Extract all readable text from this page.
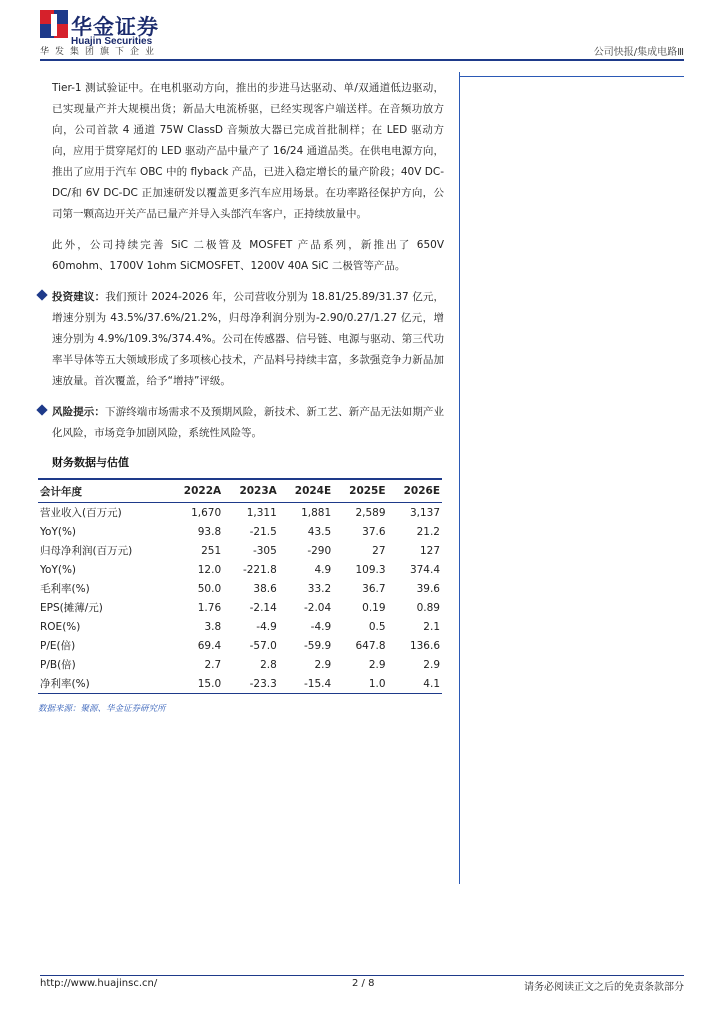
华金证券
Huajin Securities
华发集团旗下企业	公司快报/集成电路Ⅲ

Tier-1 测试验证中。在电机驱动方向，推出的步进马达驱动、单/双通道低边驱动，已实现量产并大规模出货；新品大电流桥驱，已经实现客户端送样。在音频功放方向，公司首款 4 通道 75W ClassD 音频放大器已完成首批制样；在 LED 驱动方向，应用于贯穿尾灯的 LED 驱动产品中量产了 16/24 通道品类。在供电电源方向，推出了应用于汽车 OBC 中的 flyback 产品，已进入稳定增长的量产阶段；40V DC-DC/和 6V DC-DC 正加速研发以覆盖更多汽车应用场景。在功率路径保护方向，公司第一颗高边开关产品已量产并导入头部汽车客户，正持续放量中。

此外，公司持续完善 SiC 二极管及 MOSFET 产品系列，新推出了 650V 60mohm、1700V 1ohm SiCMOSFET、1200V 40A SiC 二极管等产品。

投资建议：我们预计 2024-2026 年，公司营收分别为 18.81/25.89/31.37 亿元，增速分别为 43.5%/37.6%/21.2%，归母净利润分别为-2.90/0.27/1.27 亿元，增速分别为 4.9%/109.3%/374.4%。公司在传感器、信号链、电源与驱动、第三代功率半导体等五大领域形成了多项核心技术，产品料号持续丰富，多款强竞争力新品加速放量。首次覆盖，给予“增持”评级。

风险提示：下游终端市场需求不及预期风险，新技术、新工艺、新产品无法如期产业化风险，市场竞争加剧风险，系统性风险等。

财务数据与估值
会计年度	2022A	2023A	2024E	2025E	2026E
营业收入(百万元)	1,670	1,311	1,881	2,589	3,137
YoY(%)	93.8	-21.5	43.5	37.6	21.2
归母净利润(百万元)	251	-305	-290	27	127
YoY(%)	12.0	-221.8	4.9	109.3	374.4
毛利率(%)	50.0	38.6	33.2	36.7	39.6
EPS(摊薄/元)	1.76	-2.14	-2.04	0.19	0.89
ROE(%)	3.8	-4.9	-4.9	0.5	2.1
P/E(倍)	69.4	-57.0	-59.9	647.8	136.6
P/B(倍)	2.7	2.8	2.9	2.9	2.9
净利率(%)	15.0	-23.3	-15.4	1.0	4.1
数据来源：聚源、华金证券研究所
http://www.huajinsc.cn/	2 / 8	请务必阅读正文之后的免责条款部分
